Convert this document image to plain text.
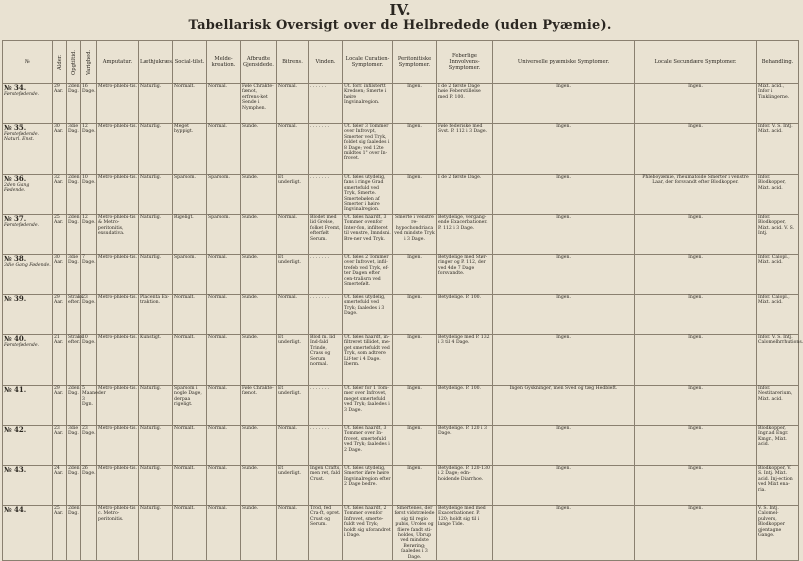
IV.
Tabellarisk Oversigt over de Helbredede (uden Pyæmie).
№	Alder.	Opgtiltid.	Varighed.	Amputatur.	Læthjukræs.	Social-tilst.	Melde-kreation.	Afbrudte Gjensidede.	Bitrens.	Vinden.	Locale Curatien-Symptomer.	Peritonitiske Symptomer.	Feberlige Innvolvens-Symptomer.	Universelle pyæmiske Symptomer.	Locale Secundære Symptomer.	Behandling.
№ 34.
Førstefødende.	29 Aar.	2den Dag.	16 Dage.	Metro-phlebi-tis.	Naturlig.	Normalt.	Normal.	Føle Chrakte-fænot, erfrens-ket Sende i Nymphen.	Normal.	. . . . . .	Ut. forr. infilstertt Kredsen; Smerte i høire Ingvinalregion.	Ingen.	I de 2 første Dage høie Feberstillelse med P. 100.	Ingen.	Ingen.	Mixt. acid., Infor i Tinklingerne.
№ 35.
Førstefødende. Naturl. Enst.	30 Aar.	3die Dag.	12 Dage.	Metro-phlebi-tis.	Naturlig.	Meget hyppigt.	Normal.	Sunde.	Normal.	. . . . . . .	Ut. føler 3 Tommer over Infrovpt, Smerter ved Tryk, foldet sig ſaaledes i 8 Dage; ved 12te mildtes 1" over In-frovet.	Ingen.	Føle federiske med Svst. P. 112 i 3 Dage.	Ingen.	Ingen.	Infor. V. S. Intj. Mixt. acid.
№ 36.
2den Gang Fødende.	32 Aar.	2den Dag.	10 Dage.	Metro-phlebi-tis.	Naturlig.	Sparsom.	Sparsom.	Sunde.	Et underligt.	. . . . . . .	Ut. føles utydelig, fans i ringe Grad smertefuld ved Tryk, Smerte. Smertebølen af Smerter i høire Ingvinalregion.	Ingen.	I de 2 første Dage.	Ingen.	Phleboyæmie, rheumatoide Smerter i venstre Laar, der forsvandt efter Blodkopper.	Infor. Blodkopper, Mixt. acid.
№ 37.
Førstefødende.	25 Aar.	2den Dag.	12 Dage.	Metro-phlebi-tis & Metro-peritonitis, exsudativa.	Naturlig.	Rigeligt.	Sparsom.	Sunde.	Normal.	Blodet med lid Grelse, folket Fremt, efterfølt Serum.	Ut. føles haardt, 3 Tommer ovenfor Inter-fon, infilteret til venstre, Imndsni. Bre-ner ved Tryk.	Smerte i venstre re-hypochondriaca ved mindste Tryk i 3 Dage.	Betydelige, vergang-ende Exacerbationer. P. 112 i 3 Dage.	Ingen.	Ingen.	Infor. Blodkopper, Mixt. acid. V. S. Intj.
№ 38.
3die Gang Fødende.	30 Aar.	3die Dag.	7 Dage.	Metro-phlebi-tis.	Naturlig.	Sparsom.	Normal.	Sunde.	Et underligt.	. . . . . . .	Ut. føles 2 Tommer over Infrovet, infil-trefeb ved Tryk, ef-ter Dagen efter cen-tralisrn ved Smertefølt.	Ingen.	Betydelige med Stør-ringer og P. 112, der ved 4de 7 Dage forsvandte.	Ingen.	Ingen.	Infor. Calopl., Mixt. acid.
№ 39.	29 Aar.	Straks efter.	23 Dage.	Metro-phlebi-tis.	Placenta Ex-traktion.	Normalt.	Normal.	Sunde.	Normal.	. . . . . . .	Ut. føles utydelig, smertefuld ved Tryk; ſaaledes i 3 Dage.	Ingen.	Betydelige. P. 100.	Ingen.	Ingen.	Infor. Calopl., Mixt. acid.
№ 40.
Førstefødende.	21 Aar.	Straks efter.	10 Dage.	Metro-phlebi-tis.	Kunstigt.	Normalt.	Normal.	Sunde.	Et underligt.	Blod m. lid Ind-fald Trinde, Crass og Serum normal.	Ut. føles haardt, in-filtreret tillidet, me-get smertefuldt ved Tryk, som adtrere Lif-ter i 4 Dage. Iberm.	Ingen.	Betydelige med P. 132 i 3 til 4 Dage.	Ingen.	Ingen.	Infor. V. S. Intj. Calomelhrrhutions.
№ 41.	29 Aar.	2den Dag.	5 Maaneder 3 Dgn.	Metro-phlebi-tis.	Naturlig.	Sparsom i nogle Dage, derpaa rigeligt.	Normal.	Føle Chrakte-fænot.	Et underligt.	. . . . . . .	Ut. føler for 1 Tom-mer over Infrovet, meget smertefuld ved Tryk; ſaaledes i 3 Dage.	Ingen.	Betydelige. P. 100.	Ingen Gyskninger, men Sved og tæg Hedbleft.	Ingen.	Infor. Nestitarerium, Mixt. acid.
№ 42.	23 Aar.	3die Dag.	23 Dage.	Metro-phlebi-tis.	Naturlig.	Normalt.	Normal.	Sunde.	Normal.	. . . . . . .	Ut. føles haardt, 3 Tommer over In-frovet, smertefuld ved Tryk; ſaaledes i 2 Dage.	Ingen.	Betydelige. P. 120 i 3 Dage.	Ingen.	Ingen.	Blodkopper, Ingr.ad Engr. Kmgr., Mixt. acid.
№ 43.	24 Aar.	2den Dag.	26 Dage.	Metro-phlebi-tis.	Naturlig.	Normalt.	Normal.	Sunde.	Et underligt.	Ingen Crafts, men ret, fald Crust.	Ut. føles utydelig, Smerter iføre høire Ingvinalregion efter 2 Dage bedre.	Ingen.	Betydelige. P. 120-130 i 2 Dage; edn-hoidende Diarrhoe.	Ingen.	Ingen.	Blodkopper, V. S. Intj. Mixt. acid. Inj-ection ved Mixt ena-ria.
№ 44.	25 Aar.	2den Dag.		Metro-phlebi-tis c. Metro-peritonitis.	Naturlig.	Normalt.	Normal.	Sunde.	Normal.	Trod, fed Cra-ft, opret. Crust og Serum.	Ut. føles haardt, 2 Tommer ovenfor Infrovet, smerte-fuldt ved Tryk; holdt sig uforandret i Dage.	Smertenes, der først vidstrælede sig til regio pubis, Uroles og fliere fandt sti-holdes, Ubrup ved mindste Berøring; ſaaledes i 3 Dage.	Betydelige med med Exacerbationer. P. 120; holdt sig til i lange Tide.	Ingen.	Ingen.	V. S. Intj. Calomel-pulvers, Blodkopper gjentagne Gange.
